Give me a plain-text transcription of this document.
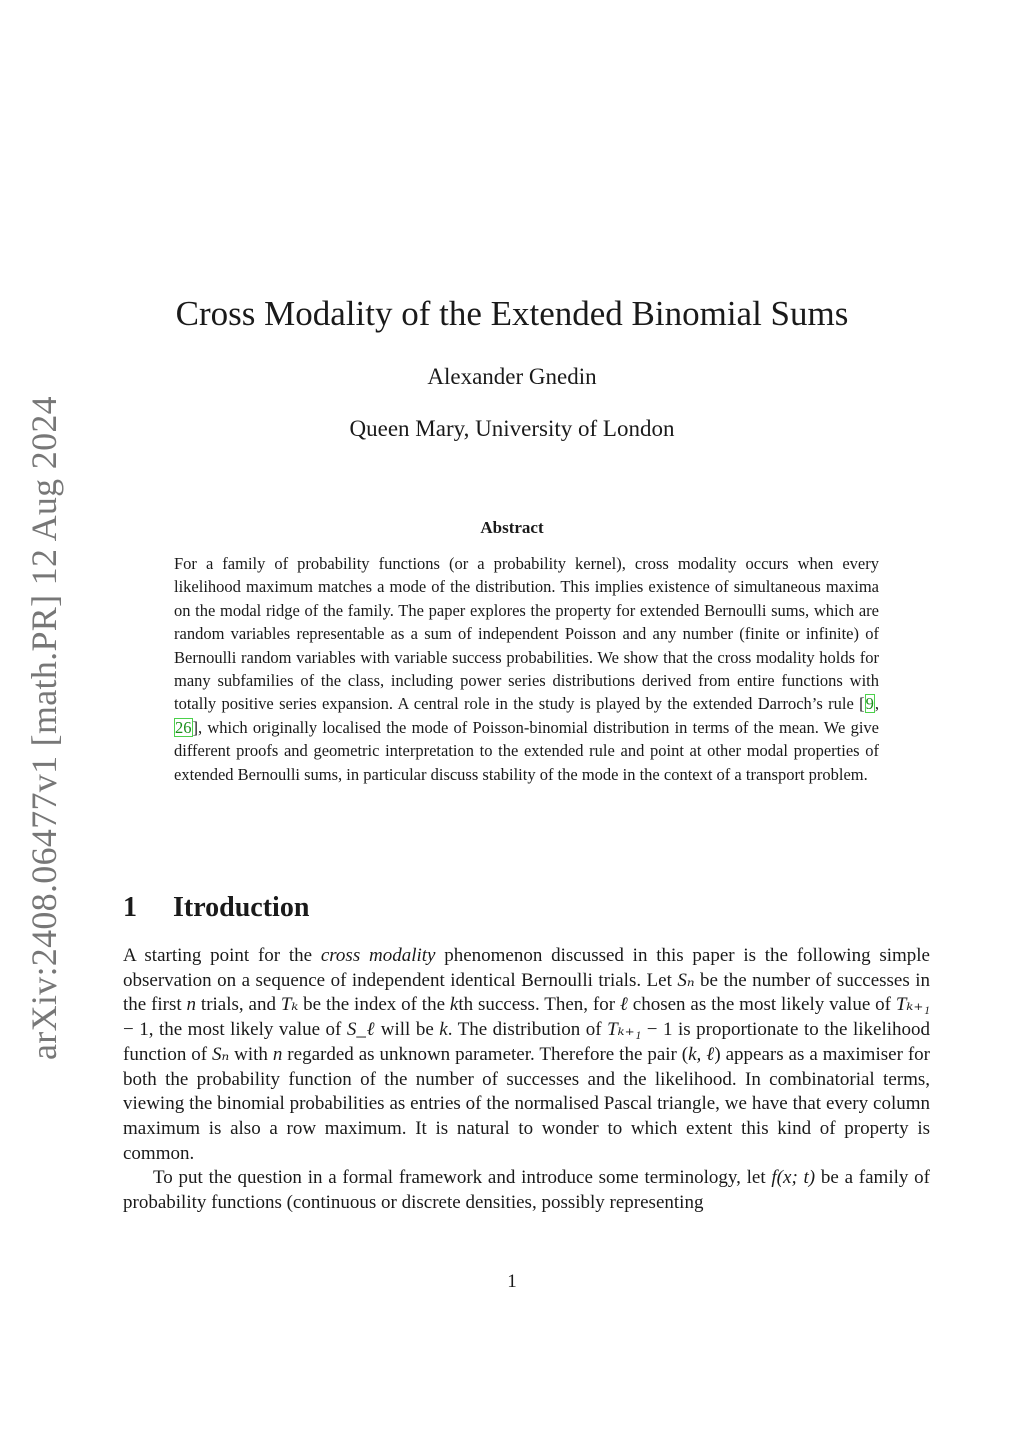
arXiv:2408.06477v1 [math.PR] 12 Aug 2024
Cross Modality of the Extended Binomial Sums
Alexander Gnedin
Queen Mary, University of London
Abstract
For a family of probability functions (or a probability kernel), cross modality occurs when every likelihood maximum matches a mode of the distribution. This implies existence of simultaneous maxima on the modal ridge of the family. The paper explores the property for extended Bernoulli sums, which are random variables representable as a sum of independent Poisson and any number (finite or infinite) of Bernoulli random variables with variable success probabilities. We show that the cross modality holds for many subfamilies of the class, including power series distributions derived from entire functions with totally positive series expansion. A central role in the study is played by the extended Darroch’s rule [9, 26], which originally localised the mode of Poisson-binomial distribution in terms of the mean. We give different proofs and geometric interpretation to the extended rule and point at other modal properties of extended Bernoulli sums, in particular discuss stability of the mode in the context of a transport problem.
1 Itroduction

A starting point for the cross modality phenomenon discussed in this paper is the following simple observation on a sequence of independent identical Bernoulli trials. Let Sₙ be the number of successes in the first n trials, and Tₖ be the index of the kth success. Then, for ℓ chosen as the most likely value of Tₖ₊₁ − 1, the most likely value of S_ℓ will be k. The distribution of Tₖ₊₁ − 1 is proportionate to the likelihood function of Sₙ with n regarded as unknown parameter. Therefore the pair (k, ℓ) appears as a maximiser for both the probability function of the number of successes and the likelihood. In combinatorial terms, viewing the binomial probabilities as entries of the normalised Pascal triangle, we have that every column maximum is also a row maximum. It is natural to wonder to which extent this kind of property is common.

To put the question in a formal framework and introduce some terminology, let f(x; t) be a family of probability functions (continuous or discrete densities, possibly representing

1
